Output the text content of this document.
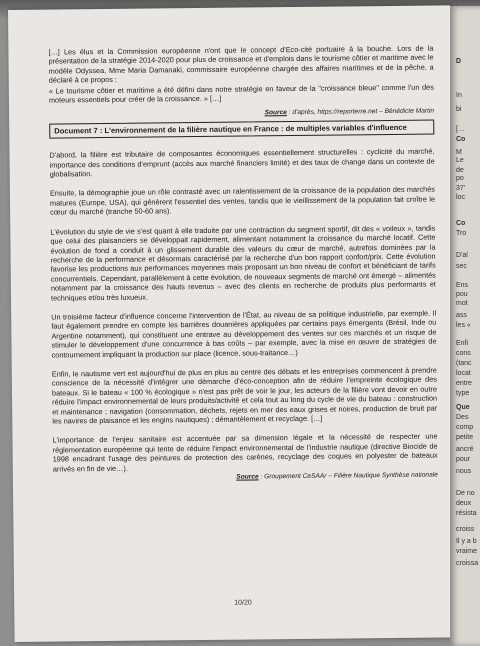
[…] Les élus et la Commission européenne n'ont que le concept d'Eco-cité portuaire à la bouche. Lors de la présentation de la stratégie 2014-2020 pour plus de croissance et d'emplois dans le tourisme côtier et maritime avec le modèle Odyssea, Mme Maria Damanaki, commissaire européenne chargée des affaires maritimes et de la pêche, a déclaré à ce propos :

« Le tourisme côtier et maritime a été défini dans notre stratégie en faveur de la "croissance bleue" comme l'un des moteurs essentiels pour créer de la croissance. » […]

Source : d'après, https://reporterre.net – Bénédicte Martin

Document 7 : L'environnement de la filière nautique en France : de multiples variables d'influence

D'abord, la filière est tributaire de composantes économiques essentiellement structurelles : cyclicité du marché, importance des conditions d'emprunt (accès aux marché financiers limité) et des taux de change dans un contexte de globalisation.

Ensuite, la démographie joue un rôle contrasté avec un ralentissement de la croissance de la population des marchés matures (Europe, USA), qui génèrent l'essentiel des ventes, tandis que le vieillissement de la population fait croître le cœur du marché (tranche 50-60 ans).

L'évolution du style de vie s'est quant à elle traduite par une contraction du segment sportif, dit des « voileux », tandis que celui des plaisanciers se développait rapidement, alimentant notamment la croissance du marché locatif. Cette évolution de fond a conduit à un glissement durable des valeurs du cœur de marché, autrefois dominées par la recherche de la performance et désormais caractérisé par la recherche d'un bon rapport confort/prix. Cette évolution favorise les productions aux performances moyennes mais proposant un bon niveau de confort et bénéficiant de tarifs concurrentiels. Cependant, parallèlement à cette évolution, de nouveaux segments de marché ont émergé – alimentés notamment par la croissance des hauts revenus – avec des clients en recherche de produits plus performants et techniques et/ou très luxueux.

Un troisième facteur d'influence concerne l'intervention de l'État, au niveau de sa politique industrielle, par exemple. Il faut également prendre en compte les barrières douanières appliquées par certains pays émergents (Brésil, Inde ou Argentine notamment), qui constituent une entrave au développement des ventes sur ces marchés et un risque de stimuler le développement d'une concurrence à bas coûts – par exemple, avec la mise en œuvre de stratégies de contournement impliquant la production sur place (licence, sous-traitance…)

Enfin, le nautisme vert est aujourd'hui de plus en plus au centre des débats et les entreprises commencent à prendre conscience de la nécessité d'intégrer une démarche d'éco-conception afin de réduire l'empreinte écologique des bateaux. Si le bateau « 100 % écologique » n'est pas prêt de voir le jour, les acteurs de la filière vont devoir en outre réduire l'impact environnemental de leurs produits/activité et cela tout au long du cycle de vie du bateau : construction et maintenance ; navigation (consommation, déchets, rejets en mer des eaux grises et noires, production de bruit par les navires de plaisance et les engins nautiques) ; démantèlement et recyclage. […]

L'importance de l'enjeu sanitaire est accentuée par sa dimension légale et la nécessité de respecter une réglementation européenne qui tente de réduire l'impact environnemental de l'industrie nautique (directive Biocide de 1998 encadrant l'usage des peintures de protection des carènes, recyclage des coques en polyester de bateaux arrivés en fin de vie…).

Source : Groupement CeSAAr – Filière Nautique Synthèse nationale

10/20
D
In
bi
[…
Co
M
Le
de
po
37'
loc
Co
Tro
D'al
sec
Ens
pou
mot
ass
les «
Enfi
cons
(tanc
locat
entre
type
Que
Des
comp
petite
ancré
pour
nous
De no
deux
résista
croiss
Il y a b
vraime
croissa
